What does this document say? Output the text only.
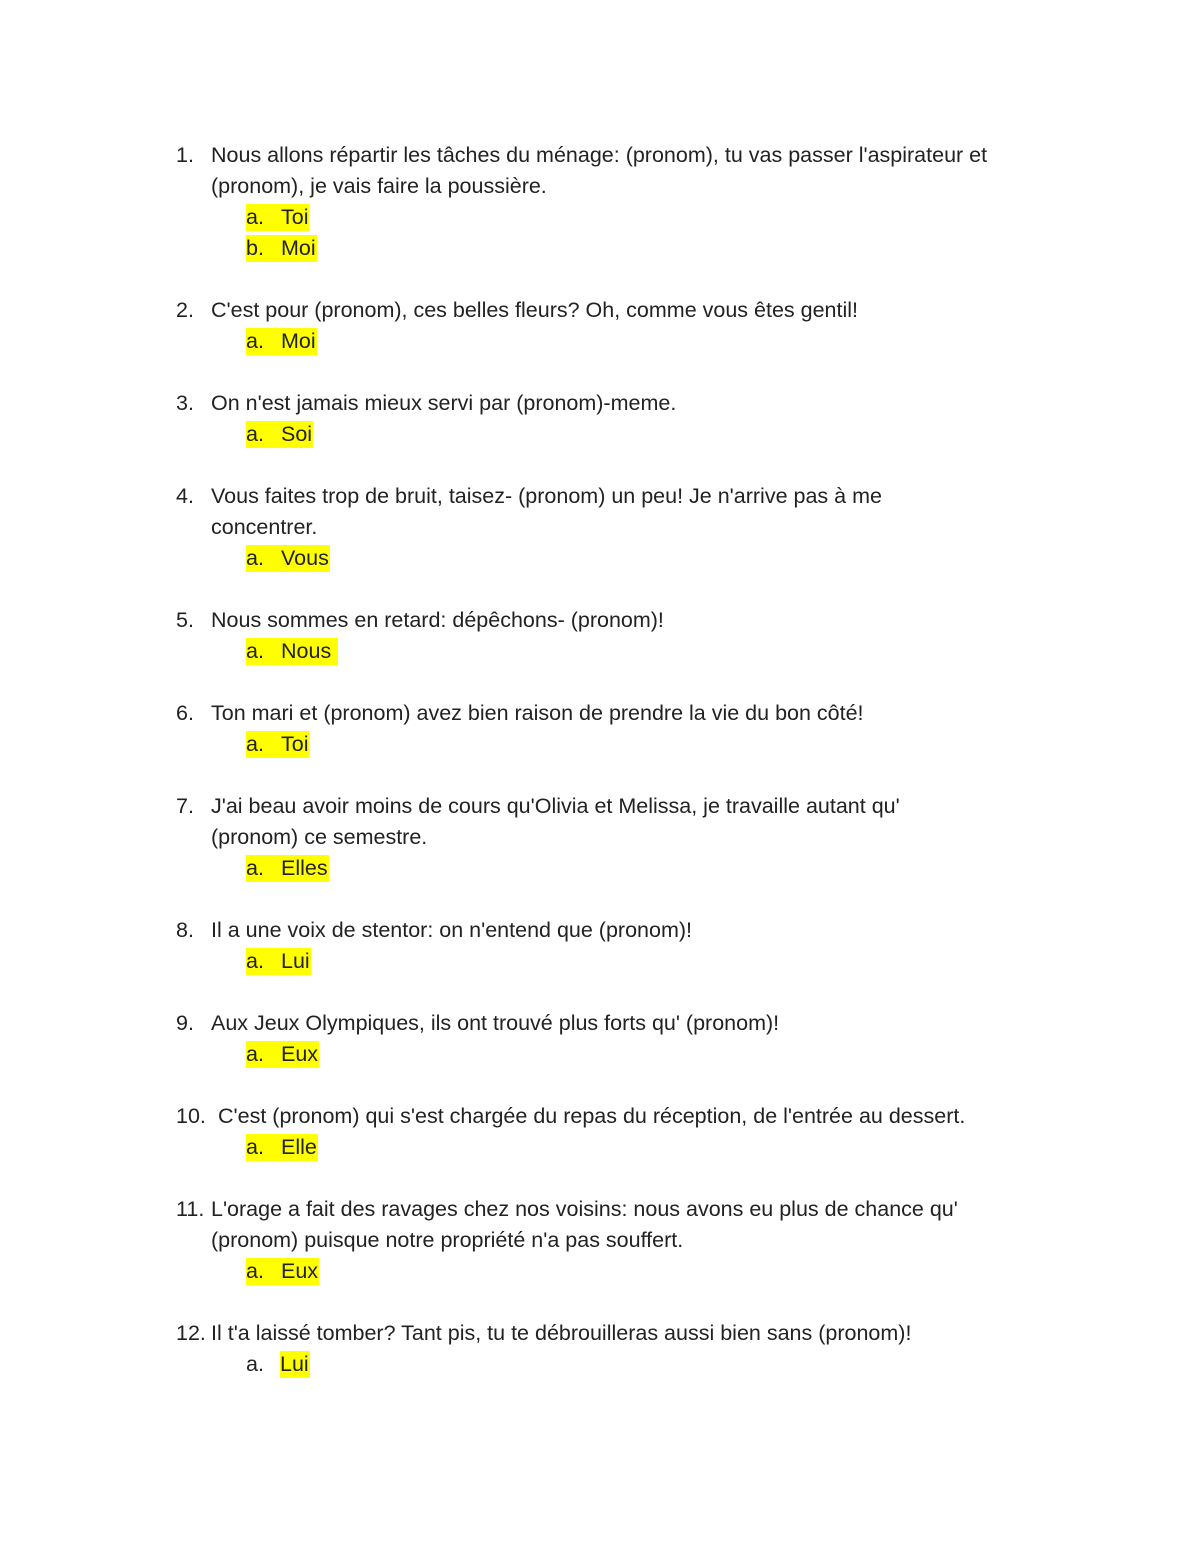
1. Nous allons répartir les tâches du ménage: (pronom), tu vas passer l'aspirateur et (pronom), je vais faire la poussière.
a. Toi
b. Moi
2. C'est pour (pronom), ces belles fleurs? Oh, comme vous êtes gentil!
a. Moi
3. On n'est jamais mieux servi par (pronom)-meme.
a. Soi
4. Vous faites trop de bruit, taisez- (pronom) un peu! Je n'arrive pas à me concentrer.
a. Vous
5. Nous sommes en retard: dépêchons- (pronom)!
a. Nous
6. Ton mari et (pronom) avez bien raison de prendre la vie du bon côté!
a. Toi
7. J'ai beau avoir moins de cours qu'Olivia et Melissa, je travaille autant qu' (pronom) ce semestre.
a. Elles
8. Il a une voix de stentor: on n'entend que (pronom)!
a. Lui
9. Aux Jeux Olympiques, ils ont trouvé plus forts qu' (pronom)!
a. Eux
10. C'est (pronom) qui s'est chargée du repas du réception, de l'entrée au dessert.
a. Elle
11. L'orage a fait des ravages chez nos voisins: nous avons eu plus de chance qu' (pronom) puisque notre propriété n'a pas souffert.
a. Eux
12. Il t'a laissé tomber? Tant pis, tu te débrouilleras aussi bien sans (pronom)!
a. Lui
